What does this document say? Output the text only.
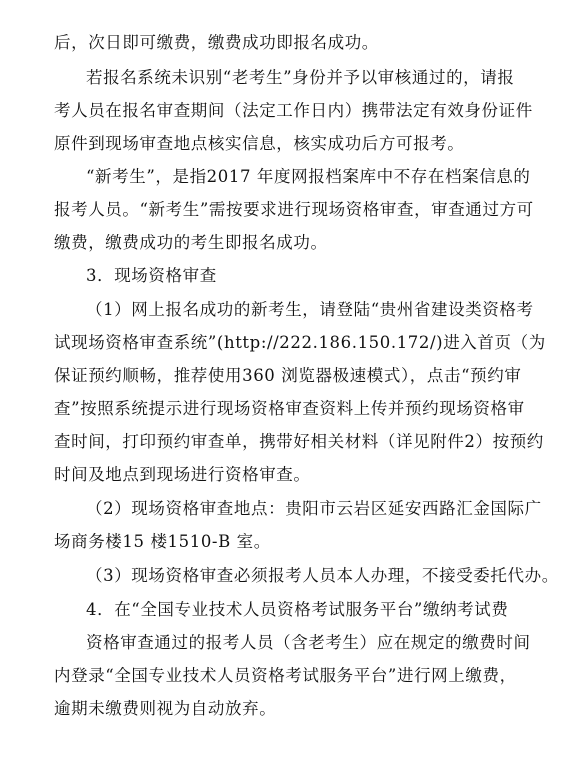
后，次日即可缴费，缴费成功即报名成功。
若报名系统未识别“老考生”身份并予以审核通过的，请报
考人员在报名审查期间（法定工作日内）携带法定有效身份证件
原件到现场审查地点核实信息，核实成功后方可报考。
“新考生”，是指2017 年度网报档案库中不存在档案信息的
报考人员。“新考生”需按要求进行现场资格审查，审查通过方可
缴费，缴费成功的考生即报名成功。
3．现场资格审查
（1）网上报名成功的新考生，请登陆“贵州省建设类资格考
试现场资格审查系统”(http://222.186.150.172/)进入首页（为
保证预约顺畅，推荐使用360 浏览器极速模式），点击“预约审
查”按照系统提示进行现场资格审查资料上传并预约现场资格审
查时间，打印预约审查单，携带好相关材料（详见附件2）按预约
时间及地点到现场进行资格审查。
（2）现场资格审查地点：贵阳市云岩区延安西路汇金国际广
场商务楼15 楼1510-B 室。
（3）现场资格审查必须报考人员本人办理，不接受委托代办。
4．在“全国专业技术人员资格考试服务平台”缴纳考试费
资格审查通过的报考人员（含老考生）应在规定的缴费时间
内登录“全国专业技术人员资格考试服务平台”进行网上缴费，
逾期未缴费则视为自动放弃。
